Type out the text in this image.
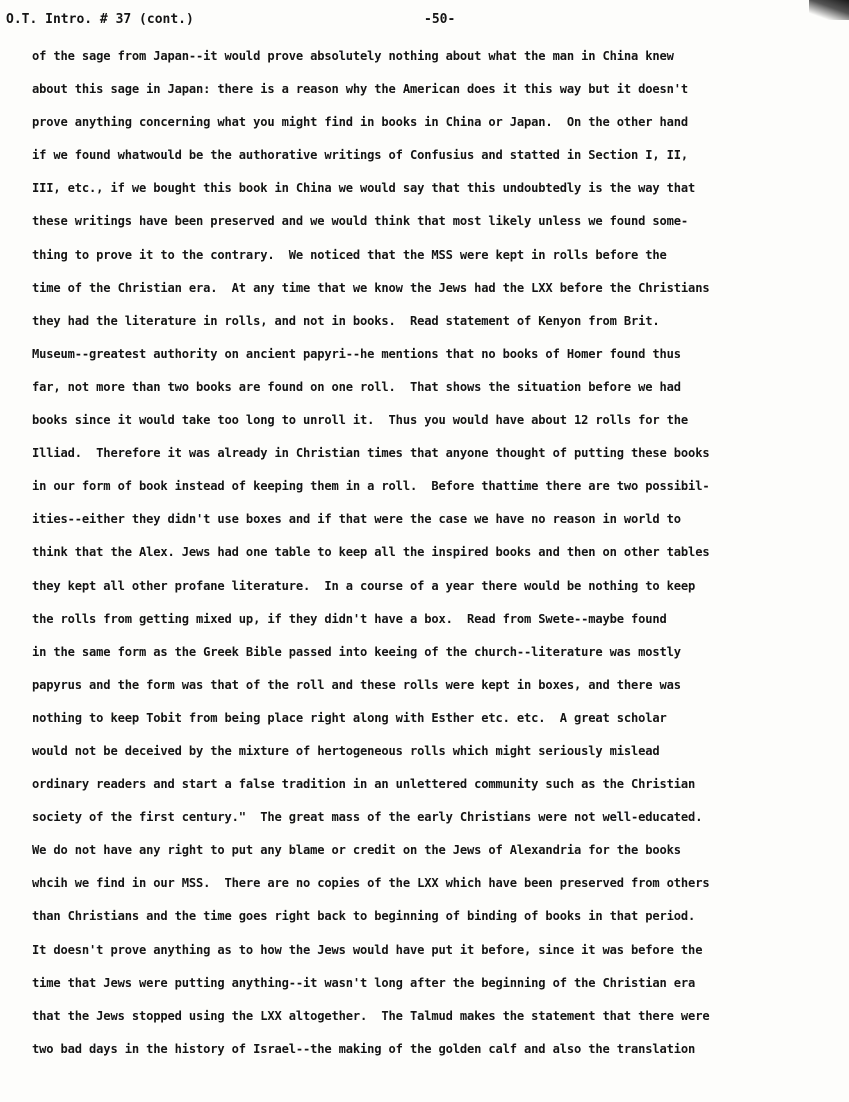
O.T. Intro. # 37 (cont.)	-50-
of the sage from Japan--it would prove absolutely nothing about what the man in China knew
about this sage in Japan: there is a reason why the American does it this way but it doesn't
prove anything concerning what you might find in books in China or Japan.  On the other hand
if we found whatwould be the authorative writings of Confusius and statted in Section I, II,
III, etc., if we bought this book in China we would say that this undoubtedly is the way that
these writings have been preserved and we would think that most likely unless we found some-
thing to prove it to the contrary.  We noticed that the MSS were kept in rolls before the
time of the Christian era.  At any time that we know the Jews had the LXX before the Christians
they had the literature in rolls, and not in books.  Read statement of Kenyon from Brit.
Museum--greatest authority on ancient papyri--he mentions that no books of Homer found thus
far, not more than two books are found on one roll.  That shows the situation before we had
books since it would take too long to unroll it.  Thus you would have about 12 rolls for the
Illiad.  Therefore it was already in Christian times that anyone thought of putting these books
in our form of book instead of keeping them in a roll.  Before thattime there are two possibil-
ities--either they didn't use boxes and if that were the case we have no reason in world to
think that the Alex. Jews had one table to keep all the inspired books and then on other tables
they kept all other profane literature.  In a course of a year there would be nothing to keep
the rolls from getting mixed up, if they didn't have a box.  Read from Swete--maybe found
in the same form as the Greek Bible passed into keeing of the church--literature was mostly
papyrus and the form was that of the roll and these rolls were kept in boxes, and there was
nothing to keep Tobit from being place right along with Esther etc. etc.  A great scholar
would not be deceived by the mixture of hertogeneous rolls which might seriously mislead
ordinary readers and start a false tradition in an unlettered community such as the Christian
society of the first century."  The great mass of the early Christians were not well-educated.
We do not have any right to put any blame or credit on the Jews of Alexandria for the books
whcih we find in our MSS.  There are no copies of the LXX which have been preserved from others
than Christians and the time goes right back to beginning of binding of books in that period.
It doesn't prove anything as to how the Jews would have put it before, since it was before the
time that Jews were putting anything--it wasn't long after the beginning of the Christian era
that the Jews stopped using the LXX altogether.  The Talmud makes the statement that there were
two bad days in the history of Israel--the making of the golden calf and also the translation
